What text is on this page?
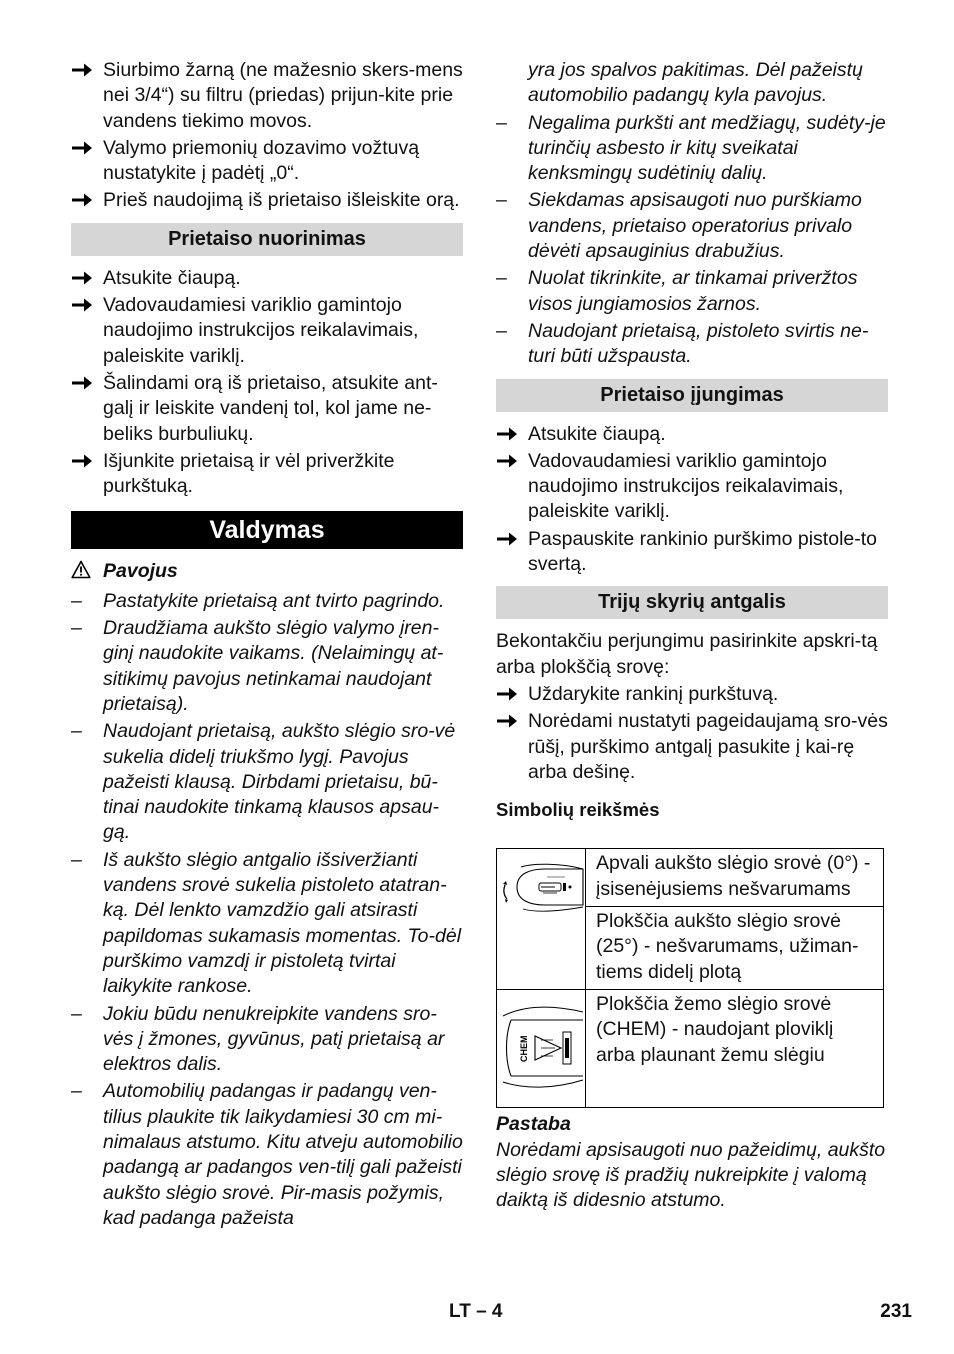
Siurbimo žarną (ne mažesnio skers-mens nei 3/4“) su filtru (priedas) prijun-kite prie vandens tiekimo movos.
Valymo priemonių dozavimo vožtuvą nustatykite į padėtį „0“.
Prieš naudojimą iš prietaiso išleiskite orą.
Prietaiso nuorinimas
Atsukite čiaupą.
Vadovaudamiesi variklio gamintojo naudojimo instrukcijos reikalavimais, paleiskite variklį.
Šalindami orą iš prietaiso, atsukite ant-galį ir leiskite vandenį tol, kol jame ne-beliks burbuliukų.
Išjunkite prietaisą ir vėl priveržkite purkštuką.
Valdymas
Pavojus
– Pastatykite prietaisą ant tvirto pagrindo.
– Draudžiama aukšto slėgio valymo įren-ginį naudokite vaikams. (Nelaimingų at-sitikimų pavojus netinkamai naudojant prietaisą).
– Naudojant prietaisą, aukšto slėgio sro-vė sukelia didelį triukšmo lygį. Pavojus pažeisti klausą. Dirbdami prietaisu, bū-tinai naudokite tinkamą klausos apsau-gą.
– Iš aukšto slėgio antgalio išsiveržianti vandens srovė sukelia pistoleto atatran-ką. Dėl lenkto vamzdžio gali atsirasti papildomas sukamasis momentas. To-dėl purškimo vamzdį ir pistoletą tvirtai laikykite rankose.
– Jokiu būdu nenukreipkite vandens sro-vės į žmones, gyvūnus, patį prietaisą ar elektros dalis.
– Automobilių padangas ir padangų ven-tilius plaukite tik laikydamiesi 30 cm mi-nimalaus atstumo. Kitu atveju automobilio padangą ar padangos ven-tilį gali pažeisti aukšto slėgio srovė. Pir-masis požymis, kad padanga pažeista
yra jos spalvos pakitimas. Dėl pažeistų automobilio padangų kyla pavojus.
– Negalima purkšti ant medžiagų, sudėty-je turinčių asbesto ir kitų sveikatai kenksmingų sudėtinių dalių.
– Siekdamas apsisaugoti nuo purškiamo vandens, prietaiso operatorius privalo dėvėti apsauginius drabužius.
– Nuolat tikrinkite, ar tinkamai priveržtos visos jungiamosios žarnos.
– Naudojant prietaisą, pistoleto svirtis ne-turi būti užspausta.
Prietaiso įjungimas
Atsukite čiaupą.
Vadovaudamiesi variklio gamintojo naudojimo instrukcijos reikalavimais, paleiskite variklį.
Paspauskite rankinio purškimo pistole-to svertą.
Trijų skyrių antgalis
Bekontakčiu perjungimu pasirinkite apskri-tą arba plokščią srovę:
Uždarykite rankinį purkštuvą.
Norėdami nustatyti pageidaujamą sro-vės rūšį, purškimo antgalį pasukite į kai-rę arba dešinę.
Simbolių reikšmės
	Apvali aukšto slėgio srovė (0°) - įsisenėjusiems nešvarumams
	Plokščia aukšto slėgio srovė (25°) - nešvarumams, užiman-tiems didelį plotą

CHEM	Plokščia žemo slėgio srovė (CHEM) - naudojant ploviklį arba plaunant žemu slėgiu
Pastaba
Norėdami apsisaugoti nuo pažeidimų, aukšto slėgio srovę iš pradžių nukreipkite į valomą daiktą iš didesnio atstumo.
LT – 4	231
